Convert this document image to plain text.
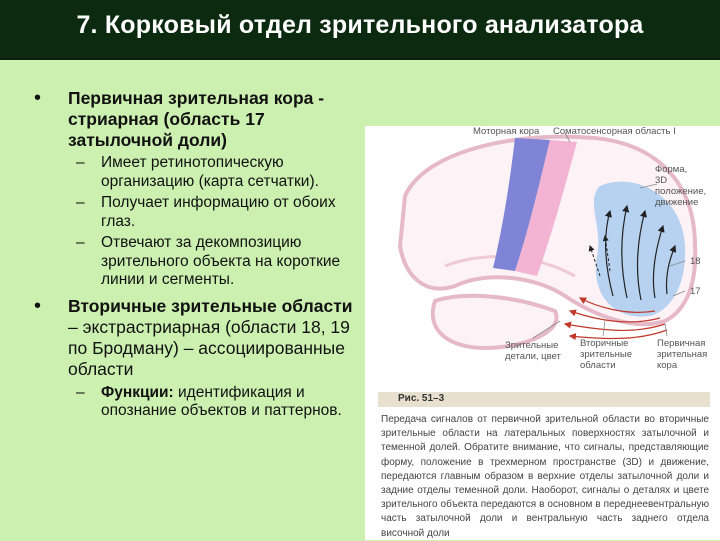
7. Корковый отдел зрительного анализатора
• Первичная зрительная кора - стриарная (область 17 затылочной доли)
– Имеет ретинотопическую организацию (карта сетчатки).
– Получает информацию от обоих глаз.
– Отвечают за декомпозицию зрительного объекта на короткие линии и сегменты.
• Вторичные зрительные области – экстрастриарная (области 18, 19 по Бродману) – ассоциированные области
– Функции: идентификация и опознание объектов и паттернов.
Моторная кора Соматосенсорная область I
Форма,
3D положение,
движение
18
17
Зрительные
детали, цвет
Вторичные
зрительные
области
Первичная
зрительная
кора
Рис. 51–3
Передача сигналов от первичной зрительной области во вторичные зрительные области на латеральных поверхностях затылочной и теменной долей. Обратите внимание, что сигналы, представляющие форму, положение в трехмерном пространстве (3D) и движение, передаются главным образом в верхние отделы затылочной доли и задние отделы теменной доли. Наоборот, сигналы о деталях и цвете зрительного объекта передаются в основном в переднеевентральную часть затылочной доли и вентральную часть заднего отдела височной доли
